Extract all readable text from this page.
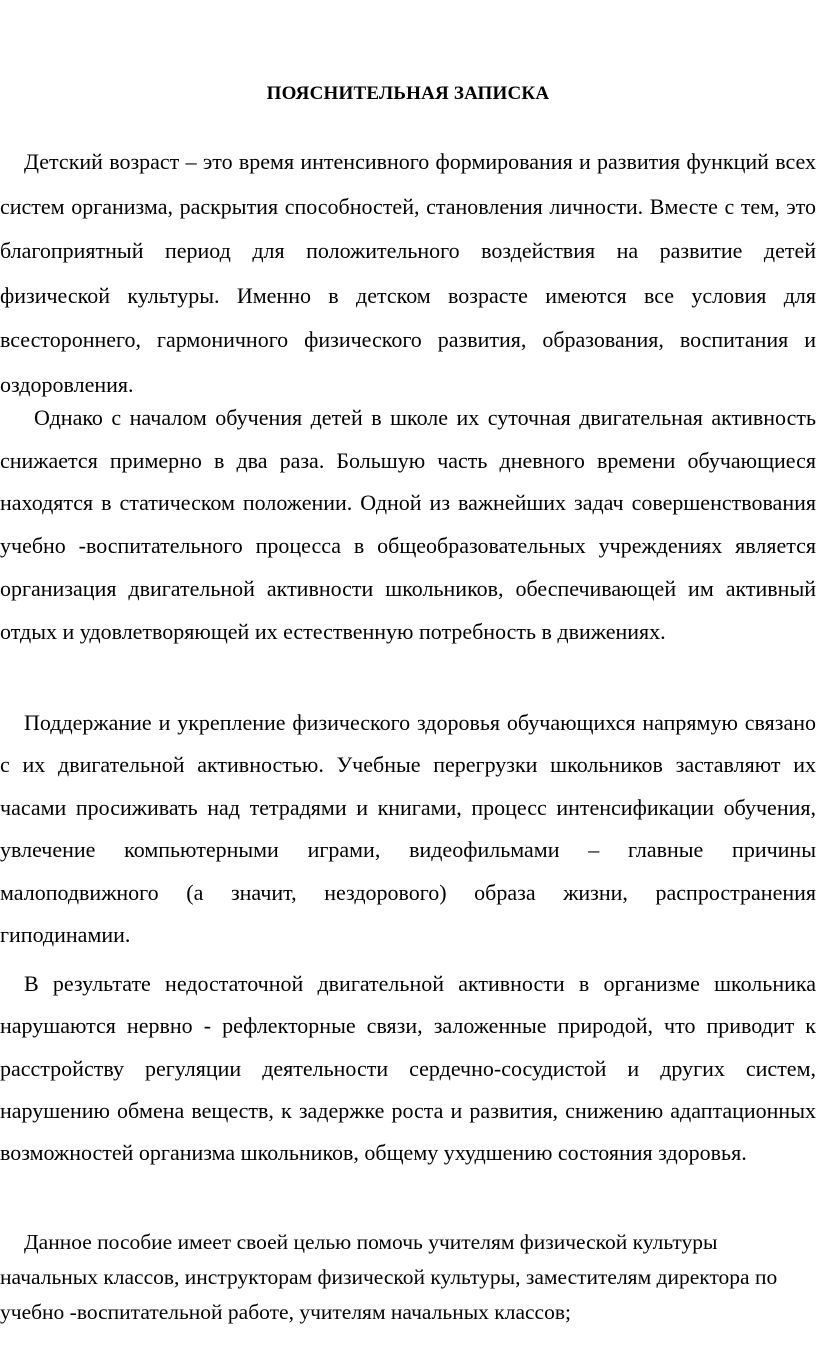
ПОЯСНИТЕЛЬНАЯ ЗАПИСКА

Детский возраст – это время интенсивного формирования и развития функций всех систем организма, раскрытия способностей, становления личности. Вместе с тем, это благоприятный период для положительного воздействия на развитие детей физической культуры. Именно в детском возрасте имеются все условия для всестороннего, гармоничного физического развития, образования, воспитания и оздоровления.

Однако с началом обучения детей в школе их суточная двигательная активность снижается примерно в два раза. Большую часть дневного времени обучающиеся находятся в статическом положении. Одной из важнейших задач совершенствования учебно -воспитательного процесса в общеобразовательных учреждениях является организация двигательной активности школьников, обеспечивающей им активный отдых и удовлетворяющей их естественную потребность в движениях.

Поддержание и укрепление физического здоровья обучающихся напрямую связано с их двигательной активностью. Учебные перегрузки школьников заставляют их часами просиживать над тетрадями и книгами, процесс интенсификации обучения, увлечение компьютерными играми, видеофильмами – главные причины малоподвижного (а значит, нездорового) образа жизни, распространения гиподинамии.

В результате недостаточной двигательной активности в организме школьника нарушаются нервно - рефлекторные связи, заложенные природой, что приводит к расстройству регуляции деятельности сердечно-сосудистой и других систем, нарушению обмена веществ, к задержке роста и развития, снижению адаптационных возможностей организма школьников, общему ухудшению состояния здоровья.

Данное пособие имеет своей целью помочь учителям физической культуры начальных классов, инструкторам физической культуры, заместителям директора по учебно -воспитательной работе, учителям начальных классов;
